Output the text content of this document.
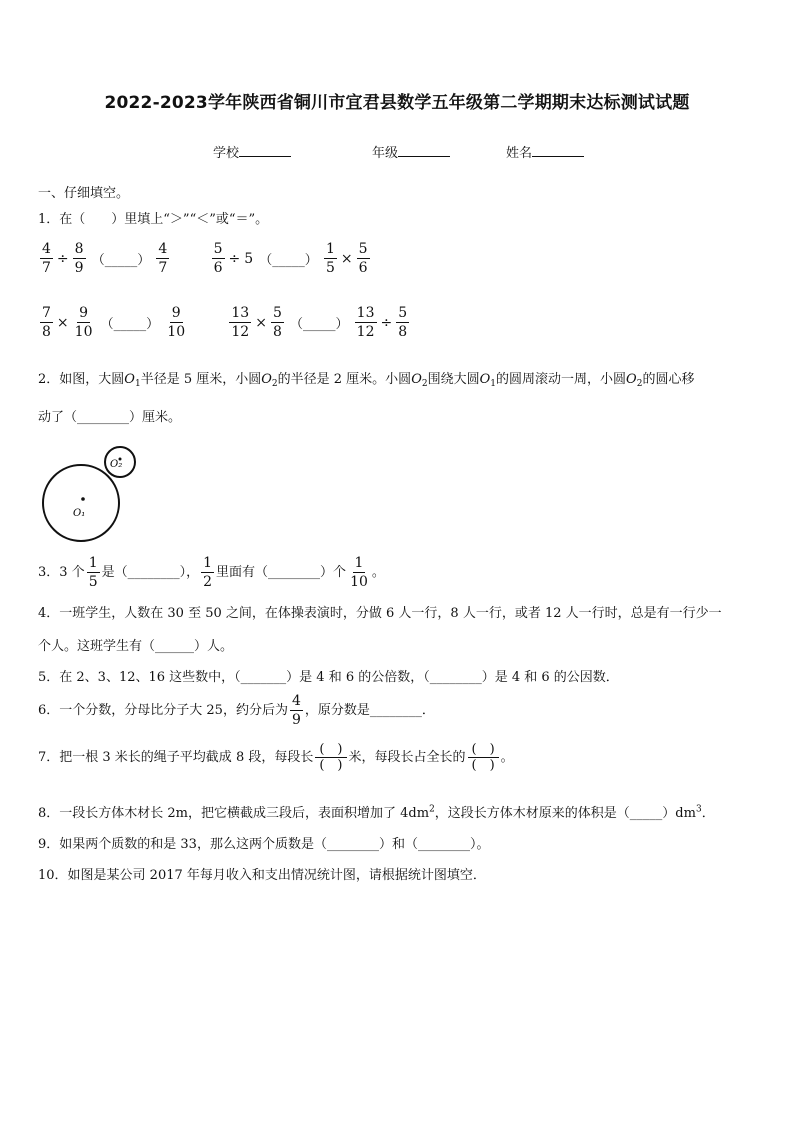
2022-2023学年陕西省铜川市宜君县数学五年级第二学期期末达标测试试题
学校	年级	姓名
一、仔细填空。
1．在（　　）里填上“＞”“＜”或“＝”。
$\frac{4}{7} \div \frac{8}{9}$ （_____） $\frac{4}{7}$
	$\frac{5}{6} \div 5$ （_____） $\frac{1}{5} \times \frac{5}{6}$
$\frac{7}{8} \times \frac{9}{10}$ （_____） $\frac{9}{10}$
	$\frac{13}{12} \times \frac{5}{8}$ （_____） $\frac{13}{12} \div \frac{5}{8}$
2．如图，大圆$O_1$半径是 5 厘米，小圆$O_2$的半径是 2 厘米。小圆$O_2$围绕大圆$O_1$的圆周滚动一周，小圆$O_2$的圆心移
动了（________）厘米。
O₁
O₂
3．3 个 $\frac{1}{5}$ 是（________）， $\frac{1}{2}$ 里面有（________）个 $\frac{1}{10}$ 。
4．一班学生，人数在 30 至 50 之间，在体操表演时，分做 6 人一行，8 人一行，或者 12 人一行时，总是有一行少一
个人。这班学生有（______）人。
5．在 2、3、12、16 这些数中，（_______）是 4 和 6 的公倍数，（________）是 4 和 6 的公因数．
6．一个分数，分母比分子大 25，约分后为 $\frac{4}{9}$ ，原分数是________．
7．把一根 3 米长的绳子平均截成 8 段，每段长
(　)
(　)
米，每段长占全长的
(　)
(　)
。
8．一段长方体木材长 2m，把它横截成三段后，表面积增加了 $4dm^2$，这段长方体木材原来的体积是$(\_\_\_\_\_)dm^3$．
9．如果两个质数的和是 33，那么这两个质数是（________）和（________）。
10．如图是某公司 2017 年每月收入和支出情况统计图，请根据统计图填空．
